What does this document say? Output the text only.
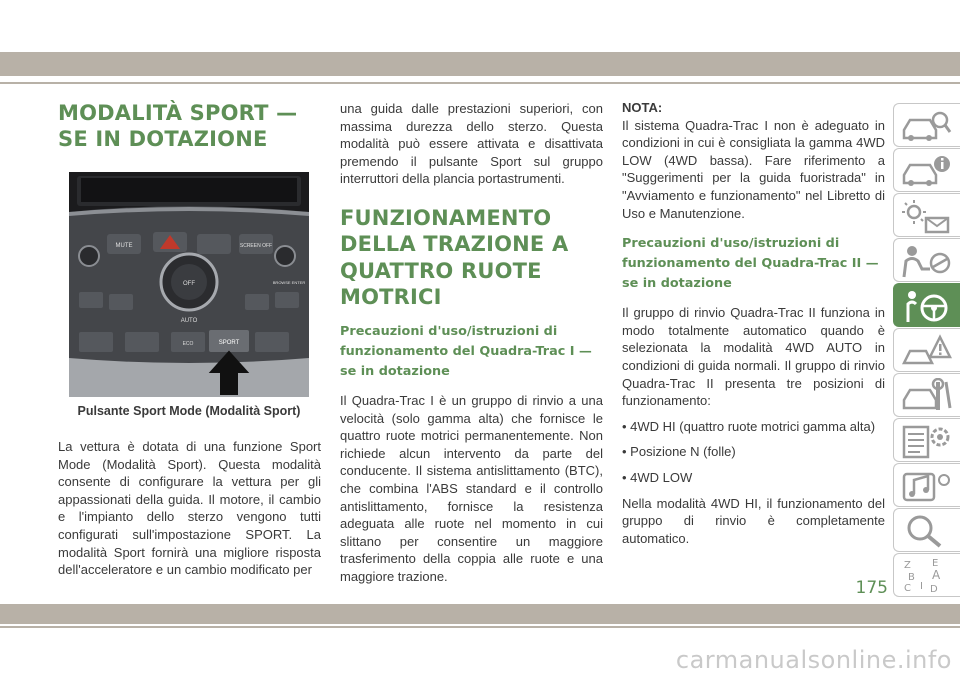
MODALITÀ SPORT — SE IN DOTAZIONE
MUTE	SCREEN OFF
BROWSE ENTER
OFF
AUTO
ECO	SPORT
Pulsante Sport Mode (Modalità Sport)

La vettura è dotata di una funzione Sport Mode (Modalità Sport). Questa modalità consente di configurare la vettura per gli appassionati della guida. Il motore, il cambio e l'impianto dello sterzo vengono tutti configurati sull'impostazione SPORT. La modalità Sport fornirà una migliore risposta dell'acceleratore e un cambio modificato per

una guida dalle prestazioni superiori, con massima durezza dello sterzo. Questa modalità può essere attivata e disattivata premendo il pulsante Sport sul gruppo interruttori della plancia portastrumenti.

FUNZIONAMENTO DELLA TRAZIONE A QUATTRO RUOTE MOTRICI
Precauzioni d'uso/istruzioni di funzionamento del Quadra-Trac I — se in dotazione

Il Quadra-Trac I è un gruppo di rinvio a una velocità (solo gamma alta) che fornisce le quattro ruote motrici permanentemente. Non richiede alcun intervento da parte del conducente. Il sistema antislittamento (BTC), che combina l'ABS standard e il controllo antislittamento, fornisce la resistenza adeguata alle ruote nel momento in cui slittano per consentire un maggiore trasferimento della coppia alle ruote e una maggiore trazione.

NOTA:

Il sistema Quadra-Trac I non è adeguato in condizioni in cui è consigliata la gamma 4WD LOW (4WD bassa). Fare riferimento a "Suggerimenti per la guida fuoristrada" in "Avviamento e funzionamento" nel Libretto di Uso e Manutenzione.

Precauzioni d'uso/istruzioni di funzionamento del Quadra-Trac II — se in dotazione

Il gruppo di rinvio Quadra-Trac II funziona in modo totalmente automatico quando è selezionata la modalità 4WD AUTO in condizioni di guida normali. Il gruppo di rinvio Quadra-Trac II presenta tre posizioni di funzionamento:

• 4WD HI (quattro ruote motrici gamma alta)

• Posizione N (folle)

• 4WD LOW

Nella modalità 4WD HI, il funzionamento del gruppo di rinvio è completamente automatico.

Z E
B A
C I D
175
carmanualsonline.info
